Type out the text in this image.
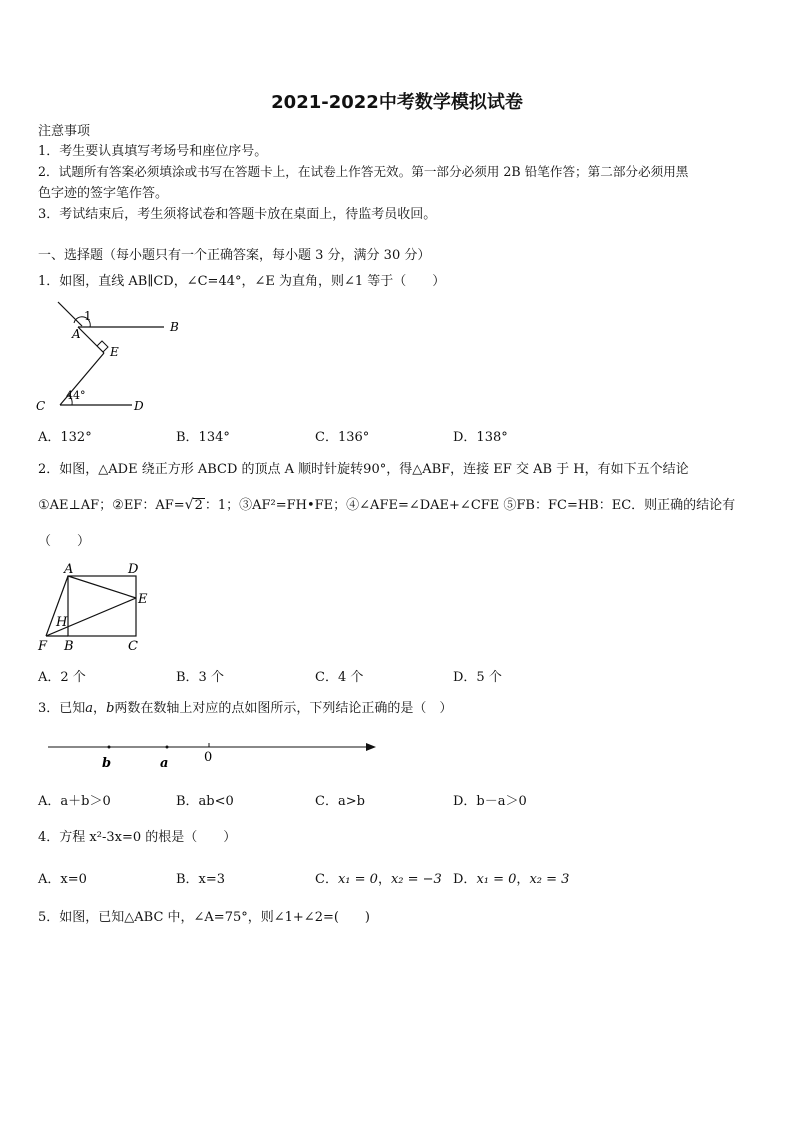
2021-2022中考数学模拟试卷
注意事项
1．考生要认真填写考场号和座位序号。
2．试题所有答案必须填涂或书写在答题卡上，在试卷上作答无效。第一部分必须用 2B 铅笔作答；第二部分必须用黑
色字迹的签字笔作答。
3．考试结束后，考生须将试卷和答题卡放在桌面上，待监考员收回。
一、选择题（每小题只有一个正确答案，每小题 3 分，满分 30 分）
1．如图，直线 AB∥CD，∠C=44°，∠E 为直角，则∠1 等于（　　）
1
A	B
E
C	D
44°
A．132°	B．134°	C．136°	D．138°
2．如图，△ADE 绕正方形 ABCD 的顶点 A 顺时针旋转90°，得△ABF，连接 EF 交 AB 于 H，有如下五个结论
①AE⊥AF；②EF：AF=√2 ：1；③AF²=FH•FE；④∠AFE=∠DAE+∠CFE ⑤FB：FC=HB：EC．则正确的结论有
（　　）
A	D
E
H
F B	C
A．2 个	B．3 个	C．4 个	D．5 个
3．已知a，b两数在数轴上对应的点如图所示，下列结论正确的是（　）
b	a	0
A．a＋b＞0	B．ab<0	C．a>b	D．b－a＞0
4．方程 x²-3x=0 的根是（　　）
A．x=0	B．x=3	C．x₁ = 0，x₂ = −3 D．x₁ = 0，x₂ = 3
5．如图，已知△ABC 中，∠A=75°，则∠1+∠2=(　　)
